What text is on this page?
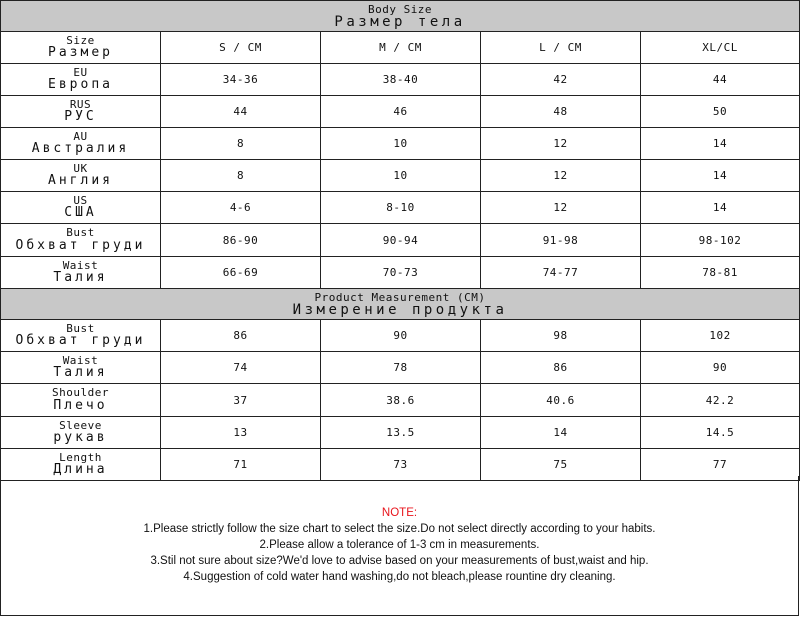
Body Size
Размер тела				

Size
Размер	S / CM	M / CM	L / CM	XL/CL

EU
Европа	34-36	38-40	42	44

RUS
РУС	44	46	48	50

AU
Австралия	8	10	12	14

UK
Англия	8	10	12	14

US
США	4-6	8-10	12	14

Bust
Обхват груди	86-90	90-94	91-98	98-102

Waist
Талия	66-69	70-73	74-77	78-81

Product Measurement (CM)
Измерение продукта				

Bust
Обхват груди	86	90	98	102

Waist
Талия	74	78	86	90

Shoulder
Плечо	37	38.6	40.6	42.2

Sleeve
рукав	13	13.5	14	14.5

Length
Длина	71	73	75	77
NOTE:
1.Please strictly follow the size chart to select the size.Do not select directly according to your habits.
2.Please allow a tolerance of 1-3 cm in measurements.
3.Stil not sure about size?We'd love to advise based on your measurements of bust,waist and hip.
4.Suggestion of cold water hand washing,do not bleach,please rountine dry cleaning.
